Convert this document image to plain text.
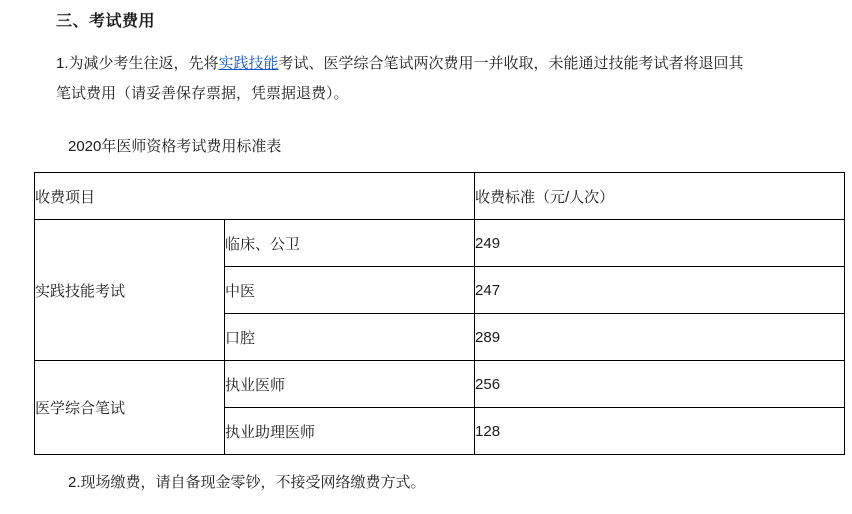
三、考试费用

1.为减少考生往返，先将实践技能考试、医学综合笔试两次费用一并收取，未能通过技能考试者将退回其笔试费用（请妥善保存票据，凭票据退费）。

2020年医师资格考试费用标准表
收费项目		收费标准（元/人次）
实践技能考试	临床、公卫	249
	中医	247
	口腔	289
医学综合笔试	执业医师	256
	执业助理医师	128
2.现场缴费，请自备现金零钞，不接受网络缴费方式。
